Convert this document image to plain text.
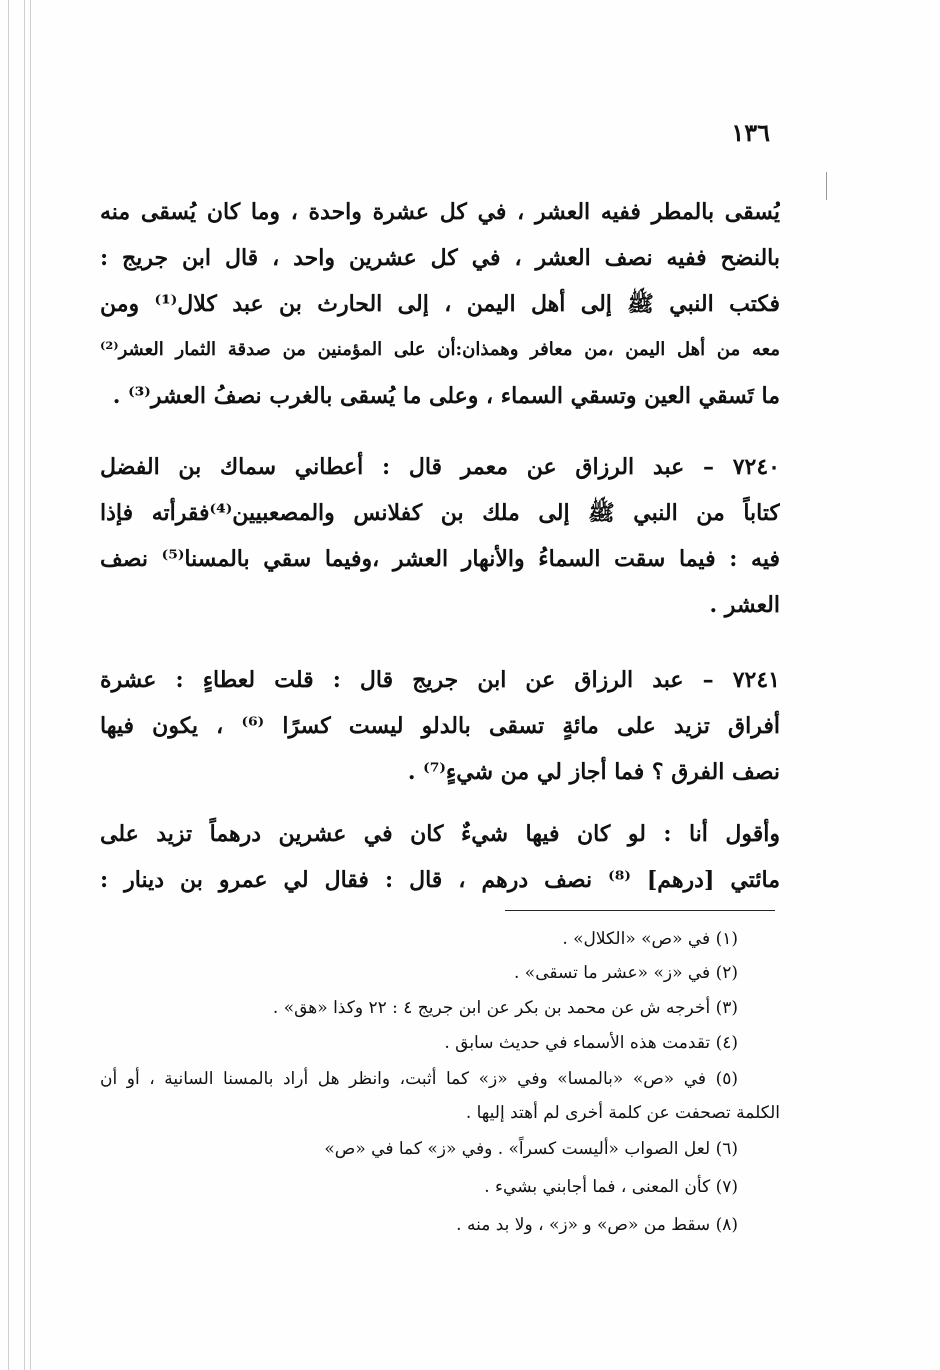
١٣٦
يُسقى بالمطر ففيه العشر ، في كل عشرة واحدة ، وما كان يُسقى منه
بالنضح ففيه نصف العشر ، في كل عشرين واحد ، قال ابن جريج :
فكتب النبي ﷺ إلى أهل اليمن ، إلى الحارث بن عبد كلال⁽¹⁾ ومن
معه من أهل اليمن ،من معافر وهمذان:أن على المؤمنين من صدقة الثمار العشر⁽²⁾
ما تَسقي العين وتسقي السماء ، وعلى ما يُسقى بالغرب نصفُ العشر⁽³⁾ .
٧٢٤٠ – عبد الرزاق عن معمر قال : أعطاني سماك بن الفضل
كتاباً من النبي ﷺ إلى ملك بن كفلانس والمصعبيين⁽⁴⁾فقرأته فإذا
فيه : فيما سقت السماءُ والأنهار العشر ،وفيما سقي بالمسنا⁽⁵⁾ نصف
العشر .
٧٢٤١ – عبد الرزاق عن ابن جريج قال : قلت لعطاءٍ : عشرة
أفراق تزيد على مائةٍ تسقى بالدلو ليست كسرًا ⁽⁶⁾ ، يكون فيها
نصف الفرق ؟ فما أجاز لي من شيءٍ⁽⁷⁾ .
وأقول أنا : لو كان فيها شيءٌ كان في عشرين درهماً تزيد على
مائتي [درهم] ⁽⁸⁾ نصف درهم ، قال : فقال لي عمرو بن دينار :
(١) في «ص» «الكلال» .
(٢) في «ز» «عشر ما تسقى» .
(٣) أخرجه ش عن محمد بن بكر عن ابن جريج ٤ : ٢٢ وكذا «هق» .
(٤) تقدمت هذه الأسماء في حديث سابق .
(٥) في «ص» «بالمسا» وفي «ز» كما أثبت، وانظر هل أراد بالمسنا السانية ، أو أن
الكلمة تصحفت عن كلمة أخرى لم أهتد إليها .
(٦) لعل الصواب «أليست كسراً» . وفي «ز» كما في «ص»
(٧) كأن المعنى ، فما أجابني بشيء .
(٨) سقط من «ص» و «ز» ، ولا بد منه .
